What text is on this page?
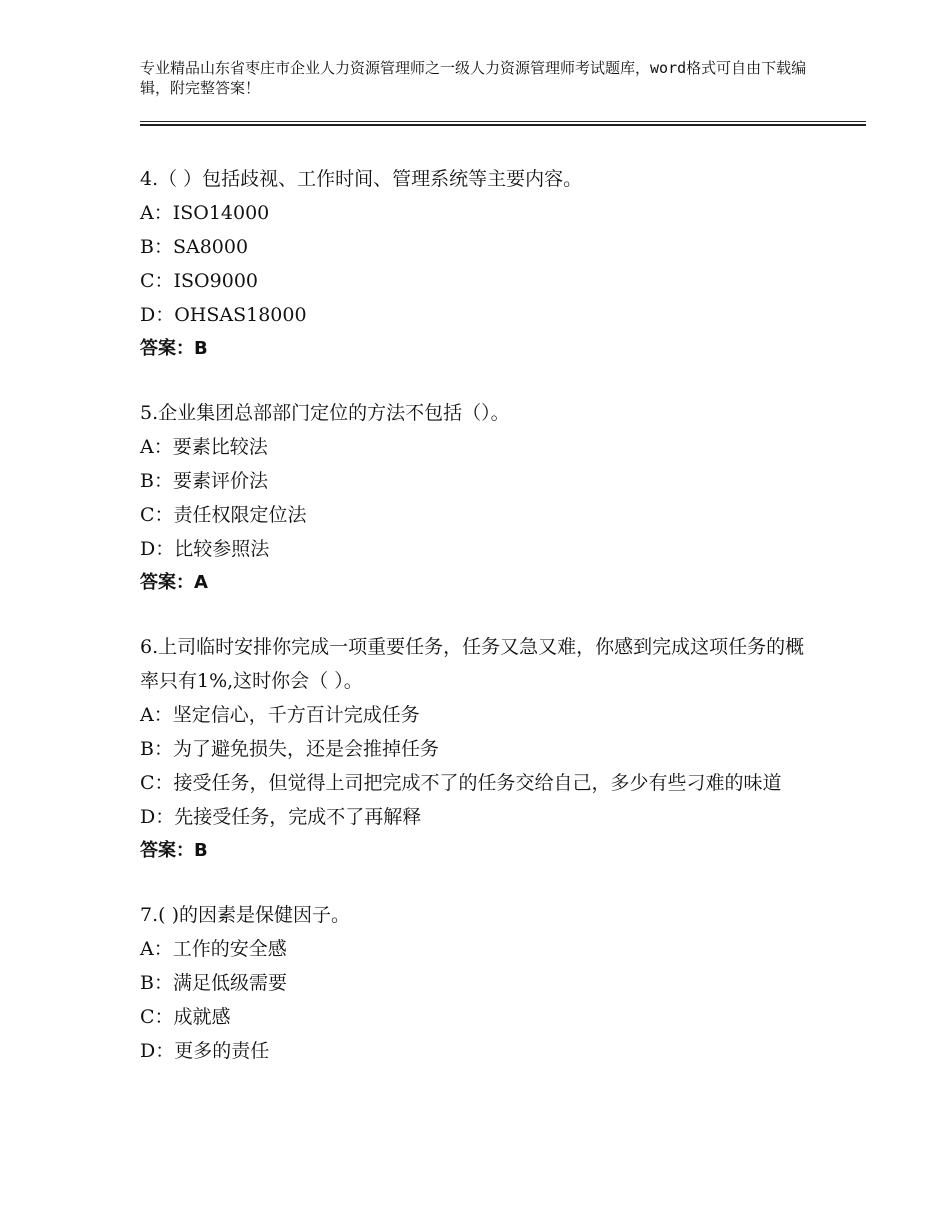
专业精品山东省枣庄市企业人力资源管理师之一级人力资源管理师考试题库，word格式可自由下载编辑，附完整答案！

4.（ ）包括歧视、工作时间、管理系统等主要内容。

A：ISO14000

B：SA8000

C：ISO9000

D：OHSAS18000

答案：B

5.企业集团总部部门定位的方法不包括（）。

A：要素比较法

B：要素评价法

C：责任权限定位法

D：比较参照法

答案：A

6.上司临时安排你完成一项重要任务，任务又急又难，你感到完成这项任务的概率只有1%,这时你会（ ）。

A：坚定信心，千方百计完成任务

B：为了避免损失，还是会推掉任务

C：接受任务，但觉得上司把完成不了的任务交给自己，多少有些刁难的味道

D：先接受任务，完成不了再解释

答案：B

7.( )的因素是保健因子。

A：工作的安全感

B：满足低级需要

C：成就感

D：更多的责任
